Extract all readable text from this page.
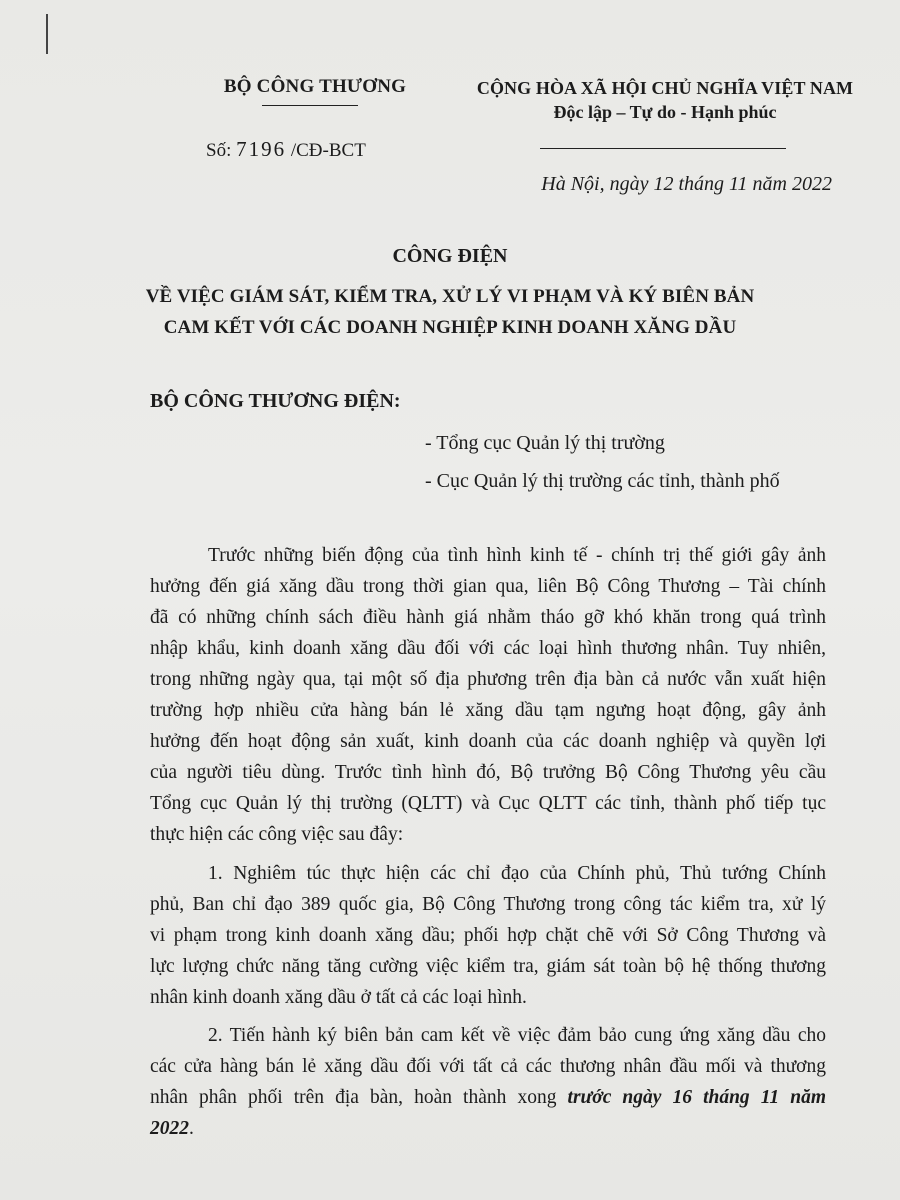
BỘ CÔNG THƯƠNG
Số: 7196 /CĐ-BCT
CỘNG HÒA XÃ HỘI CHỦ NGHĨA VIỆT NAM
Độc lập – Tự do - Hạnh phúc
Hà Nội, ngày 12 tháng 11 năm 2022
CÔNG ĐIỆN
VỀ VIỆC GIÁM SÁT, KIỂM TRA, XỬ LÝ VI PHẠM VÀ KÝ BIÊN BẢN
CAM KẾT VỚI CÁC DOANH NGHIỆP KINH DOANH XĂNG DẦU
BỘ CÔNG THƯƠNG ĐIỆN:
- Tổng cục Quản lý thị trường
- Cục Quản lý thị trường các tỉnh, thành phố
Trước những biến động của tình hình kinh tế - chính trị thế giới gây ảnh
hưởng đến giá xăng dầu trong thời gian qua, liên Bộ Công Thương – Tài chính
đã có những chính sách điều hành giá nhằm tháo gỡ khó khăn trong quá trình
nhập khẩu, kinh doanh xăng dầu đối với các loại hình thương nhân. Tuy nhiên,
trong những ngày qua, tại một số địa phương trên địa bàn cả nước vẫn xuất hiện
trường hợp nhiều cửa hàng bán lẻ xăng dầu tạm ngưng hoạt động, gây ảnh
hưởng đến hoạt động sản xuất, kinh doanh của các doanh nghiệp và quyền lợi
của người tiêu dùng. Trước tình hình đó, Bộ trưởng Bộ Công Thương yêu cầu
Tổng cục Quản lý thị trường (QLTT) và Cục QLTT các tỉnh, thành phố tiếp tục
thực hiện các công việc sau đây:
1. Nghiêm túc thực hiện các chỉ đạo của Chính phủ, Thủ tướng Chính
phủ, Ban chỉ đạo 389 quốc gia, Bộ Công Thương trong công tác kiểm tra, xử lý
vi phạm trong kinh doanh xăng dầu; phối hợp chặt chẽ với Sở Công Thương và
lực lượng chức năng tăng cường việc kiểm tra, giám sát toàn bộ hệ thống thương
nhân kinh doanh xăng dầu ở tất cả các loại hình.
2. Tiến hành ký biên bản cam kết về việc đảm bảo cung ứng xăng dầu cho
các cửa hàng bán lẻ xăng dầu đối với tất cả các thương nhân đầu mối và thương
nhân phân phối trên địa bàn, hoàn thành xong trước ngày 16 tháng 11 năm
2022.
